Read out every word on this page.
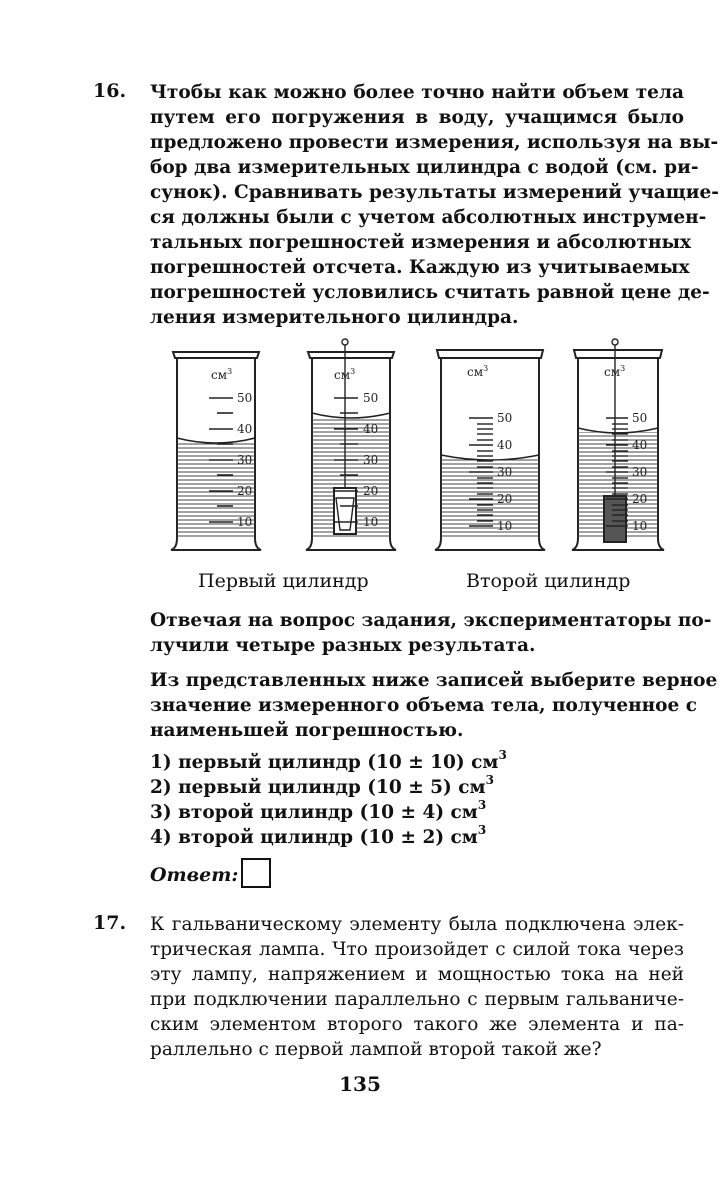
16. Чтобы как можно более точно найти объем тела
путем его погружения в воду, учащимся было
предложено провести измерения, используя на вы-
бор два измерительных цилиндра с водой (см. ри-
сунок). Сравнивать результаты измерений учащие-
ся должны были с учетом абсолютных инструмен-
тальных погрешностей измерения и абсолютных
погрешностей отсчета. Каждую из учитываемых
погрешностей условились считать равной цене де-
ления измерительного цилиндра.
$см^3$
50
40
30
20
10
$см^3$
50
40
30
20
10
$см^3$
50
40
30
20
10
$см^3$
50
40
30
20
10
Первый цилиндр	Второй цилиндр
Отвечая на вопрос задания, экспериментаторы по-
лучили четыре разных результата.
Из представленных ниже записей выберите верное
значение измеренного объема тела, полученное с
наименьшей погрешностью.
1) первый цилиндр (10 ± 10) $см^3$
2) первый цилиндр (10 ± 5) $см^3$
3) второй цилиндр (10 ± 4) $см^3$
4) второй цилиндр (10 ± 2) $см^3$
Ответ:
17. К гальваническому элементу была подключена элек-
трическая лампа. Что произойдет с силой тока через
эту лампу, напряжением и мощностью тока на ней
при подключении параллельно с первым гальваниче-
ским элементом второго такого же элемента и па-
раллельно с первой лампой второй такой же?
135
